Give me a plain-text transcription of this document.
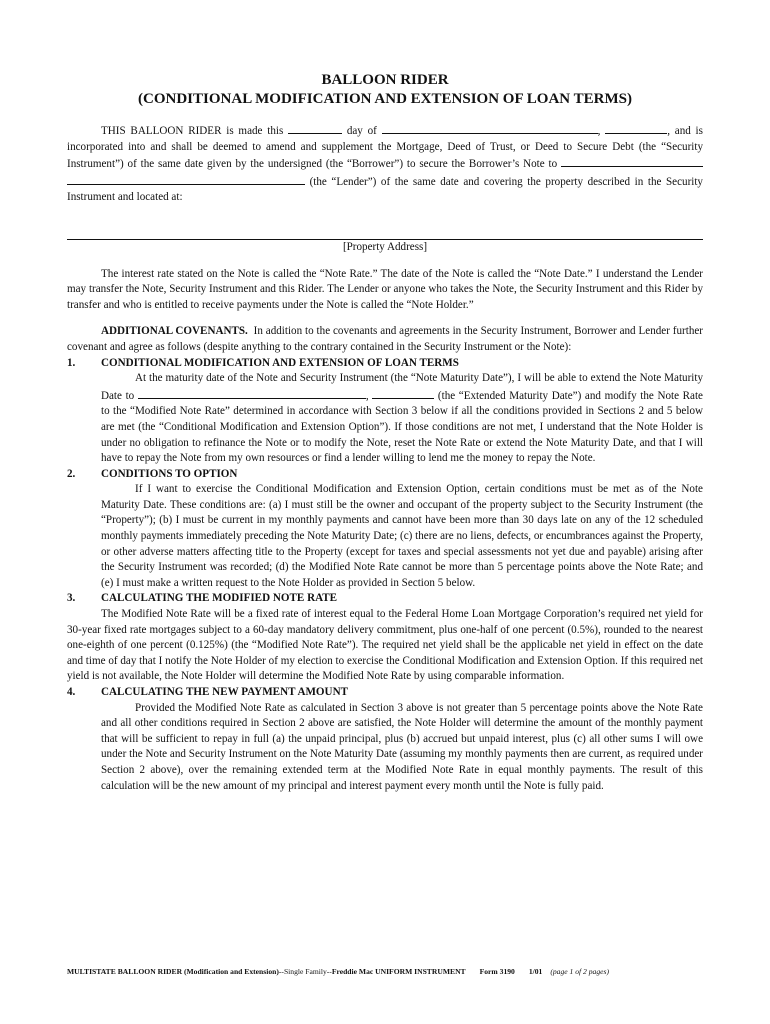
BALLOON RIDER
(CONDITIONAL MODIFICATION AND EXTENSION OF LOAN TERMS)

THIS BALLOON RIDER is made this	day of	,	, and is incorporated into and shall be deemed to amend and supplement the Mortgage, Deed of Trust, or Deed to Secure Debt (the “Security Instrument”) of the same date given by the undersigned (the “Borrower”) to secure the Borrower’s Note to   (the “Lender”) of the same date and covering the property described in the Security Instrument and located at:

[Property Address]

The interest rate stated on the Note is called the “Note Rate.” The date of the Note is called the “Note Date.” I understand the Lender may transfer the Note, Security Instrument and this Rider. The Lender or anyone who takes the Note, the Security Instrument and this Rider by transfer and who is entitled to receive payments under the Note is called the “Note Holder.”

ADDITIONAL COVENANTS. In addition to the covenants and agreements in the Security Instrument, Borrower and Lender further covenant and agree as follows (despite anything to the contrary contained in the Security Instrument or the Note):

1.	CONDITIONAL MODIFICATION AND EXTENSION OF LOAN TERMS

At the maturity date of the Note and Security Instrument (the “Note Maturity Date”), I will be able to extend the Note Maturity Date to	,	(the “Extended Maturity Date”) and modify the Note Rate to the “Modified Note Rate” determined in accordance with Section 3 below if all the conditions provided in Sections 2 and 5 below are met (the “Conditional Modification and Extension Option”). If those conditions are not met, I understand that the Note Holder is under no obligation to refinance the Note or to modify the Note, reset the Note Rate or extend the Note Maturity Date, and that I will have to repay the Note from my own resources or find a lender willing to lend me the money to repay the Note.

2.	CONDITIONS TO OPTION

If I want to exercise the Conditional Modification and Extension Option, certain conditions must be met as of the Note Maturity Date. These conditions are: (a) I must still be the owner and occupant of the property subject to the Security Instrument (the “Property”); (b) I must be current in my monthly payments and cannot have been more than 30 days late on any of the 12 scheduled monthly payments immediately preceding the Note Maturity Date; (c) there are no liens, defects, or encumbrances against the Property, or other adverse matters affecting title to the Property (except for taxes and special assessments not yet due and payable) arising after the Security Instrument was recorded; (d) the Modified Note Rate cannot be more than 5 percentage points above the Note Rate; and (e) I must make a written request to the Note Holder as provided in Section 5 below.

3.	CALCULATING THE MODIFIED NOTE RATE

The Modified Note Rate will be a fixed rate of interest equal to the Federal Home Loan Mortgage Corporation’s required net yield for 30-year fixed rate mortgages subject to a 60-day mandatory delivery commitment, plus one-half of one percent (0.5%), rounded to the nearest one-eighth of one percent (0.125%) (the “Modified Note Rate”). The required net yield shall be the applicable net yield in effect on the date and time of day that I notify the Note Holder of my election to exercise the Conditional Modification and Extension Option. If this required net yield is not available, the Note Holder will determine the Modified Note Rate by using comparable information.

4.	CALCULATING THE NEW PAYMENT AMOUNT

Provided the Modified Note Rate as calculated in Section 3 above is not greater than 5 percentage points above the Note Rate and all other conditions required in Section 2 above are satisfied, the Note Holder will determine the amount of the monthly payment that will be sufficient to repay in full (a) the unpaid principal, plus (b) accrued but unpaid interest, plus (c) all other sums I will owe under the Note and Security Instrument on the Note Maturity Date (assuming my monthly payments then are current, as required under Section 2 above), over the remaining extended term at the Modified Note Rate in equal monthly payments. The result of this calculation will be the new amount of my principal and interest payment every month until the Note is fully paid.

MULTISTATE BALLOON RIDER (Modification and Extension)--Single Family--Freddie Mac UNIFORM INSTRUMENT Form 3190 1/01 (page 1 of 2 pages)
